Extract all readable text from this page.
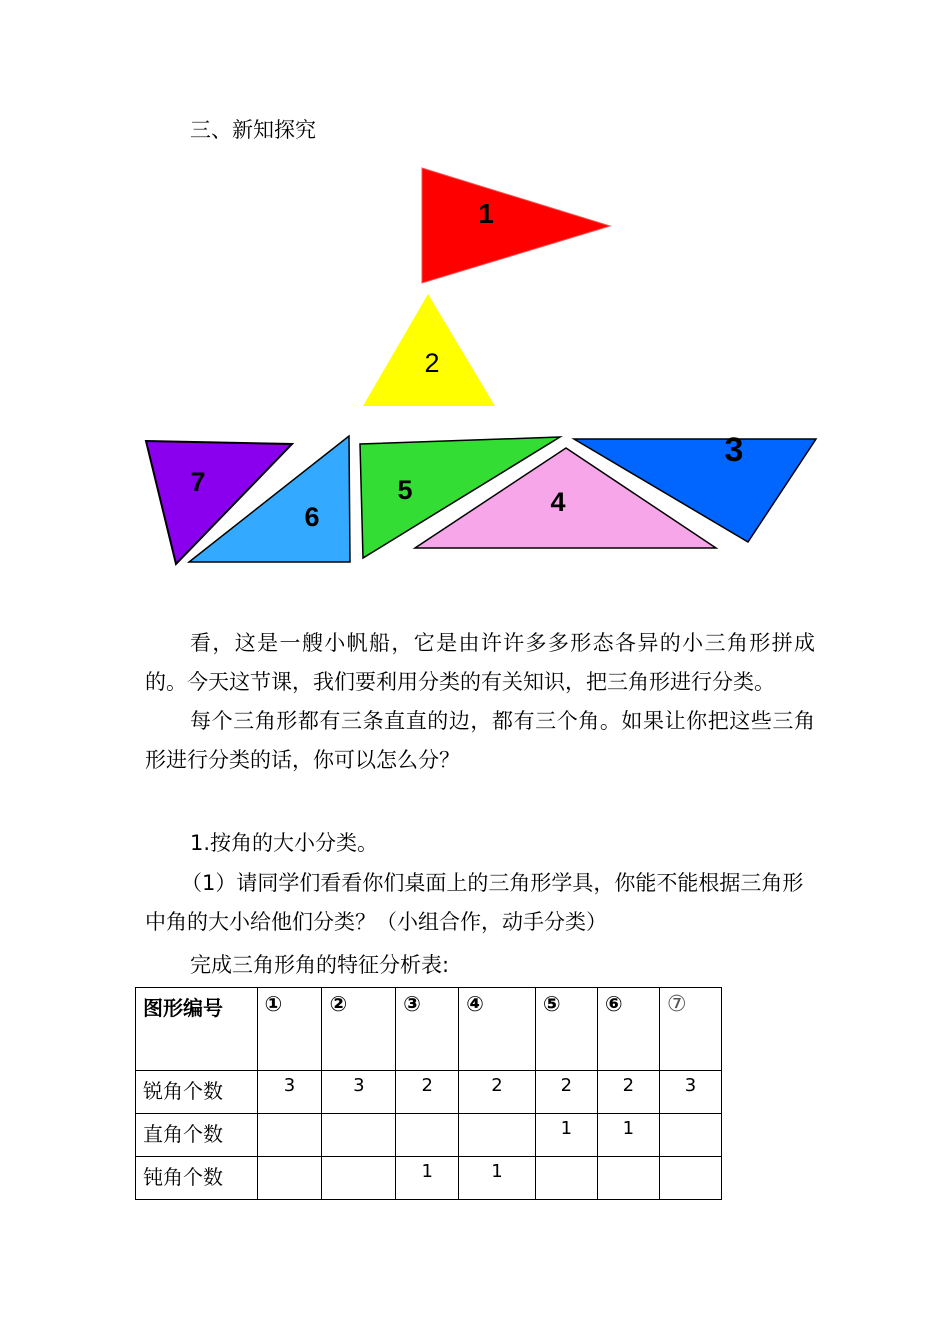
三、新知探究
1
2
7
6
5	4
3

看，这是一艘小帆船，它是由许许多多形态各异的小三角形拼成的。今天这节课，我们要利用分类的有关知识，把三角形进行分类。

每个三角形都有三条直直的边，都有三个角。如果让你把这些三角形进行分类的话，你可以怎么分？

1.按角的大小分类。

（1）请同学们看看你们桌面上的三角形学具，你能不能根据三角形中角的大小给他们分类？（小组合作，动手分类）

完成三角形角的特征分析表:
图形编号	①	②	③	④	⑤	⑥	⑦
锐角个数	3	3	2	2	2	2	3
直角个数					1	1	
钝角个数			1	1			
